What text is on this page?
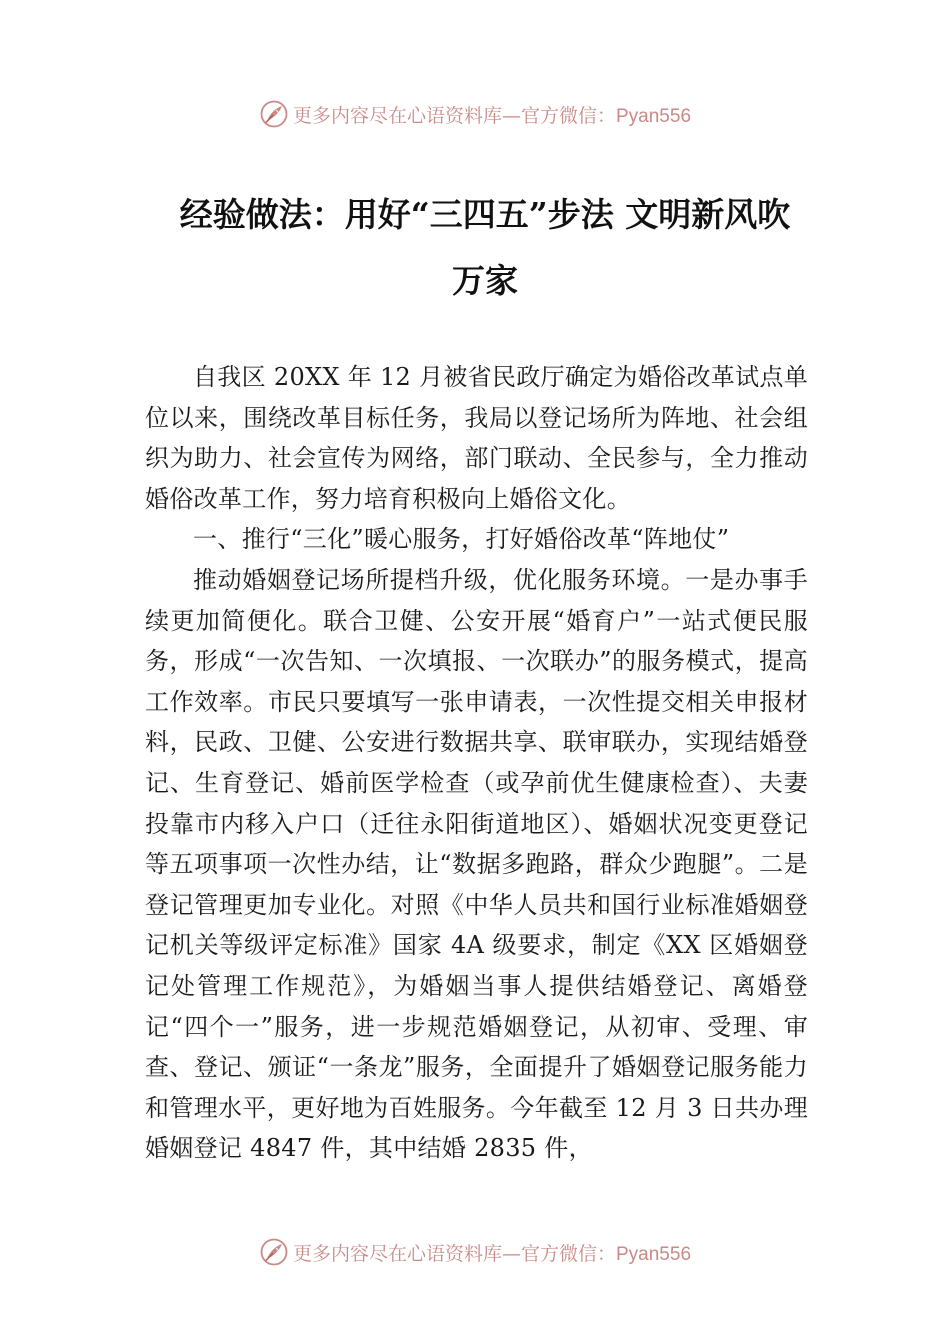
更多内容尽在心语资料库—官方微信：Pyan556
经验做法：用好“三四五”步法 文明新风吹
万家

自我区 20XX 年 12 月被省民政厅确定为婚俗改革试点单位以来，围绕改革目标任务，我局以登记场所为阵地、社会组织为助力、社会宣传为网络，部门联动、全民参与，全力推动婚俗改革工作，努力培育积极向上婚俗文化。

一、推行“三化”暖心服务，打好婚俗改革“阵地仗”

推动婚姻登记场所提档升级，优化服务环境。一是办事手续更加简便化。联合卫健、公安开展“婚育户”一站式便民服务，形成“一次告知、一次填报、一次联办”的服务模式，提高工作效率。市民只要填写一张申请表，一次性提交相关申报材料，民政、卫健、公安进行数据共享、联审联办，实现结婚登记、生育登记、婚前医学检查（或孕前优生健康检查）、夫妻投靠市内移入户口（迁往永阳街道地区）、婚姻状况变更登记等五项事项一次性办结，让“数据多跑路，群众少跑腿”。二是登记管理更加专业化。对照《中华人员共和国行业标准婚姻登记机关等级评定标准》国家 4A 级要求，制定《XX 区婚姻登记处管理工作规范》，为婚姻当事人提供结婚登记、离婚登记“四个一”服务，进一步规范婚姻登记，从初审、受理、审查、登记、颁证“一条龙”服务，全面提升了婚姻登记服务能力和管理水平，更好地为百姓服务。今年截至 12 月 3 日共办理婚姻登记 4847 件，其中结婚 2835 件，

更多内容尽在心语资料库—官方微信：Pyan556
